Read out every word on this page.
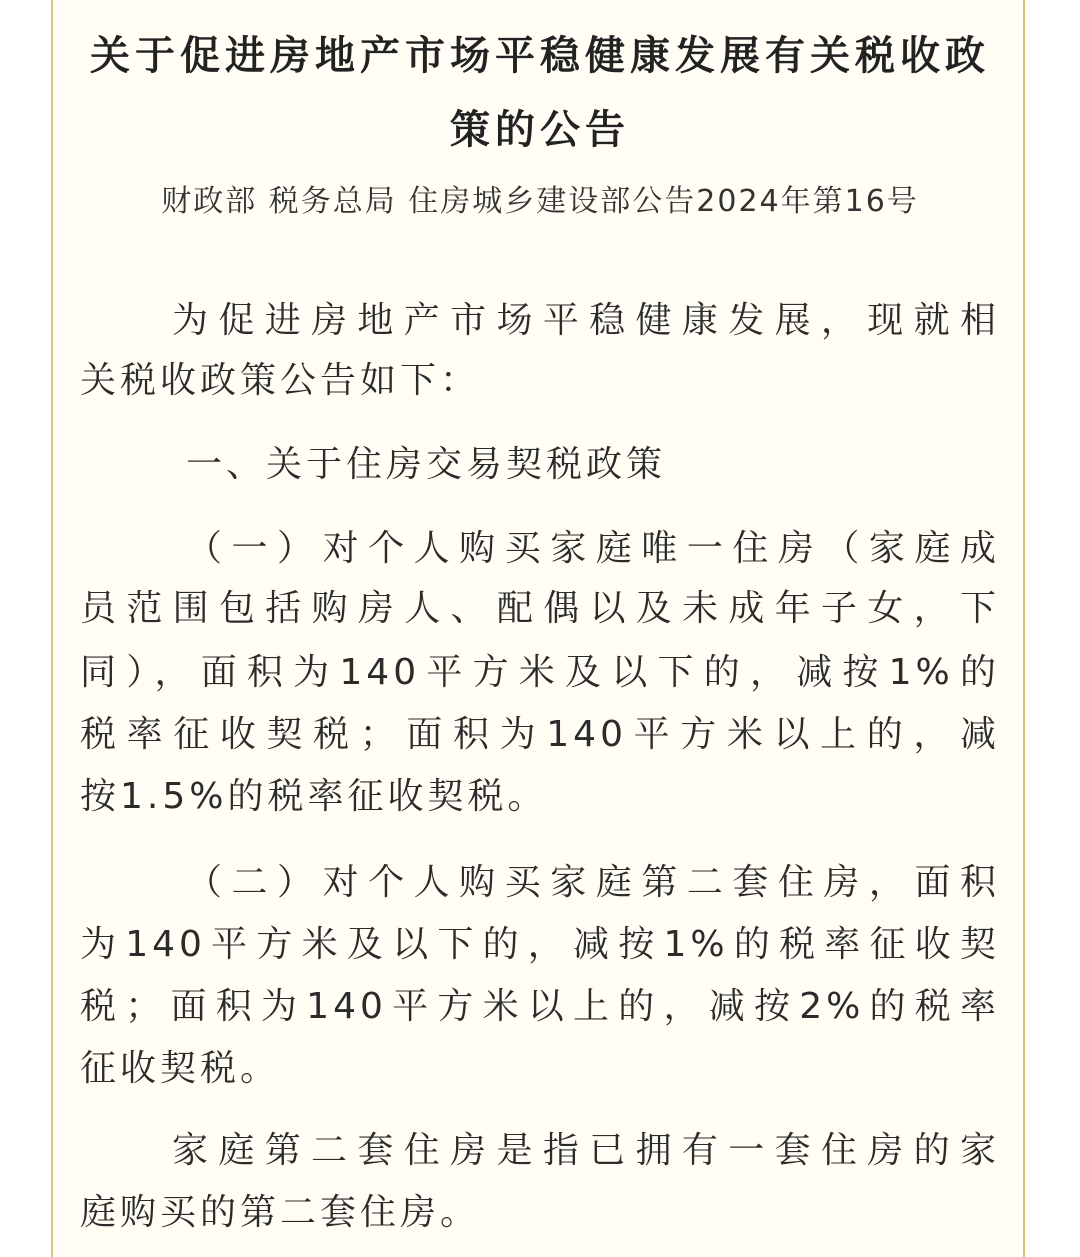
关于促进房地产市场平稳健康发展有关税收政
策的公告

财政部 税务总局 住房城乡建设部公告2024年第16号

为促进房地产市场平稳健康发展，现就相

关税收政策公告如下：

一、关于住房交易契税政策

（一）对个人购买家庭唯一住房（家庭成

员范围包括购房人、配偶以及未成年子女，下

同），面积为140平方米及以下的，减按1%的

税率征收契税；面积为140平方米以上的，减

按1.5%的税率征收契税。

（二）对个人购买家庭第二套住房，面积

为140平方米及以下的，减按1%的税率征收契

税；面积为140平方米以上的，减按2%的税率

征收契税。

家庭第二套住房是指已拥有一套住房的家

庭购买的第二套住房。
